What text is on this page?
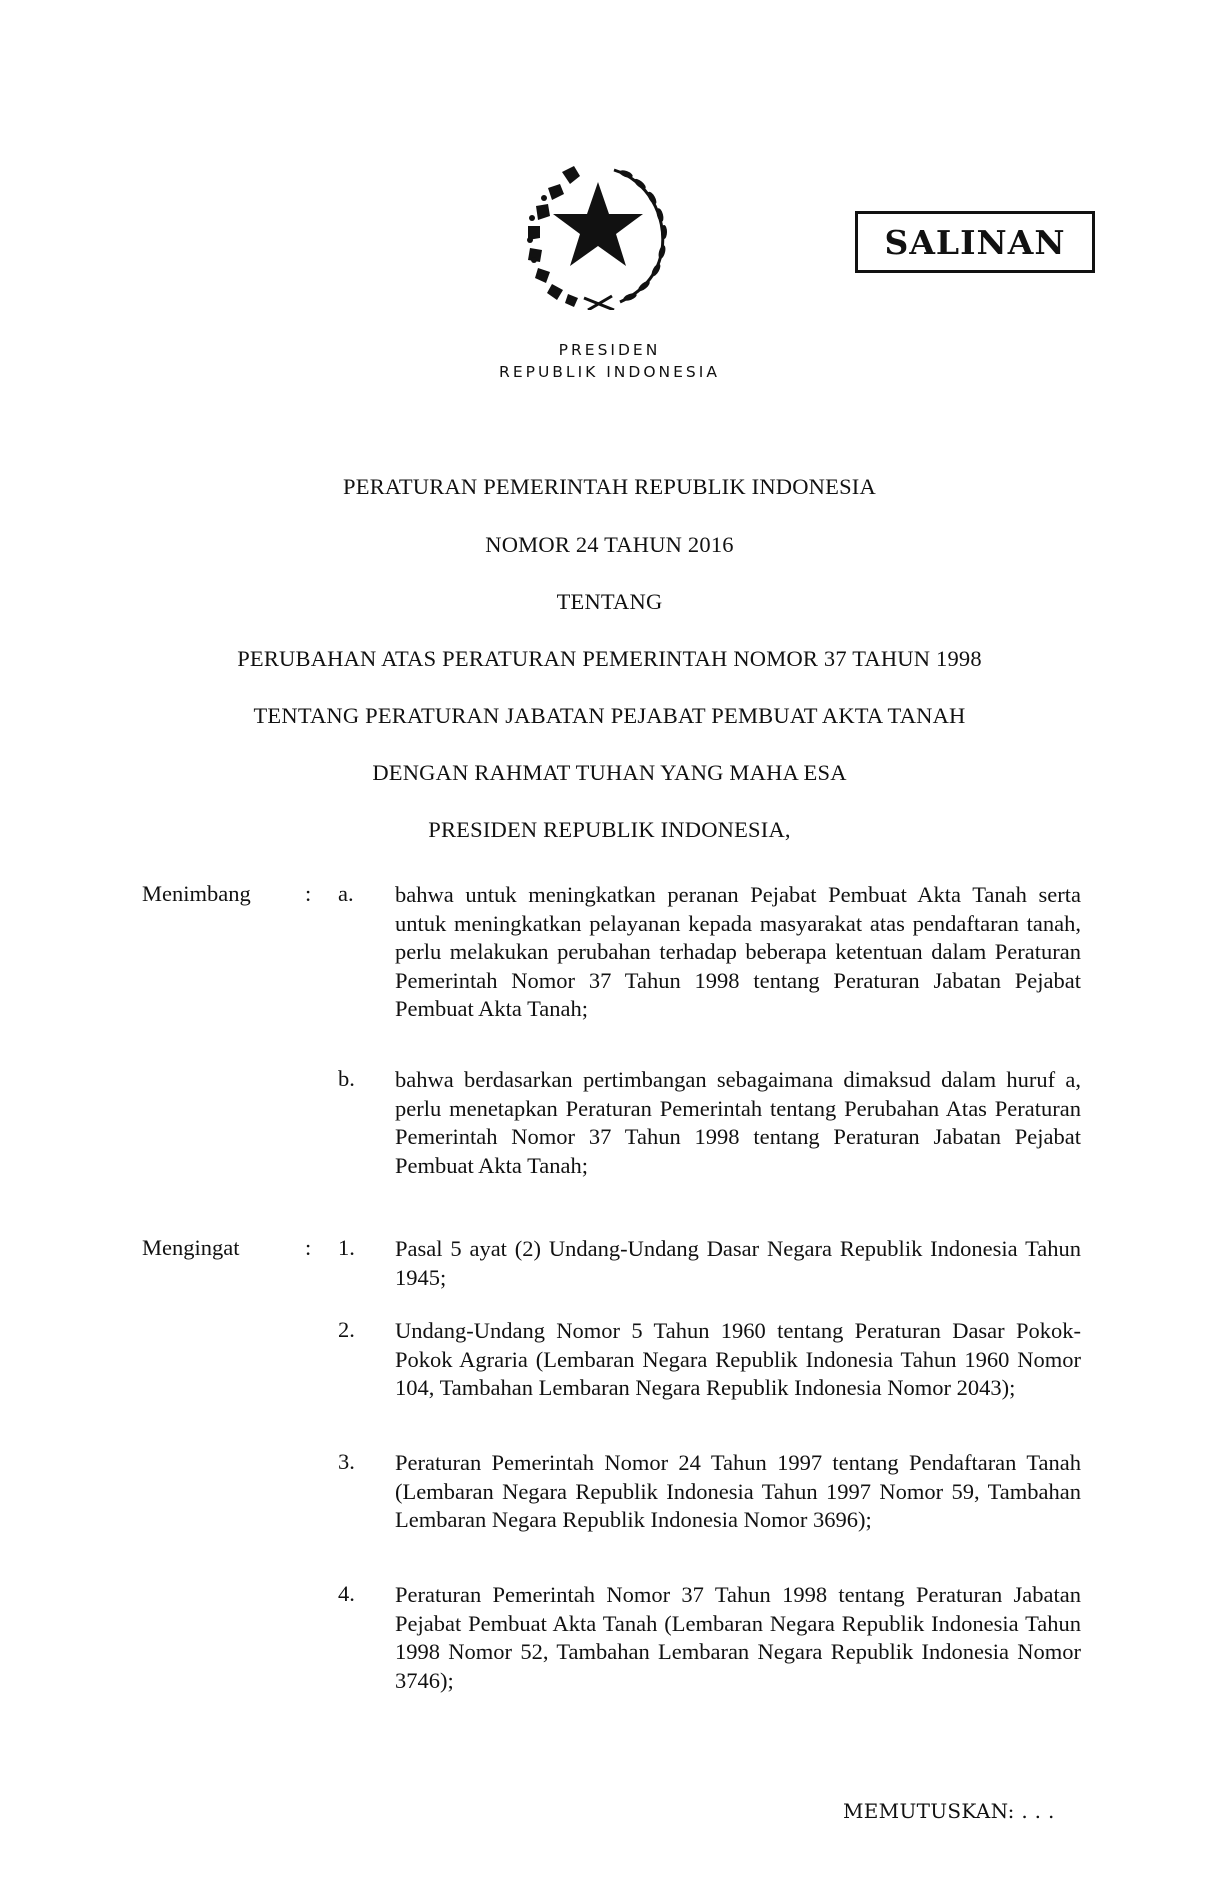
SALINAN
PRESIDEN
REPUBLIK INDONESIA
PERATURAN PEMERINTAH REPUBLIK INDONESIA
NOMOR 24 TAHUN 2016
TENTANG
PERUBAHAN ATAS PERATURAN PEMERINTAH NOMOR 37 TAHUN 1998
TENTANG PERATURAN JABATAN PEJABAT PEMBUAT AKTA TANAH
DENGAN RAHMAT TUHAN YANG MAHA ESA
PRESIDEN REPUBLIK INDONESIA,
Menimbang : a. bahwa untuk meningkatkan peranan Pejabat Pembuat Akta Tanah serta untuk meningkatkan pelayanan kepada masyarakat atas pendaftaran tanah, perlu melakukan perubahan terhadap beberapa ketentuan dalam Peraturan Pemerintah Nomor 37 Tahun 1998 tentang Peraturan Jabatan Pejabat Pembuat Akta Tanah;
b. bahwa berdasarkan pertimbangan sebagaimana dimaksud dalam huruf a, perlu menetapkan Peraturan Pemerintah tentang Perubahan Atas Peraturan Pemerintah Nomor 37 Tahun 1998 tentang Peraturan Jabatan Pejabat Pembuat Akta Tanah;
Mengingat	: 1. Pasal 5 ayat (2) Undang-Undang Dasar Negara Republik Indonesia Tahun 1945;
2. Undang-Undang Nomor 5 Tahun 1960 tentang Peraturan Dasar Pokok-Pokok Agraria (Lembaran Negara Republik Indonesia Tahun 1960 Nomor 104, Tambahan Lembaran Negara Republik Indonesia Nomor 2043);
3. Peraturan Pemerintah Nomor 24 Tahun 1997 tentang Pendaftaran Tanah (Lembaran Negara Republik Indonesia Tahun 1997 Nomor 59, Tambahan Lembaran Negara Republik Indonesia Nomor 3696);
4. Peraturan Pemerintah Nomor 37 Tahun 1998 tentang Peraturan Jabatan Pejabat Pembuat Akta Tanah (Lembaran Negara Republik Indonesia Tahun 1998 Nomor 52, Tambahan Lembaran Negara Republik Indonesia Nomor 3746);
MEMUTUSKAN: . . .
